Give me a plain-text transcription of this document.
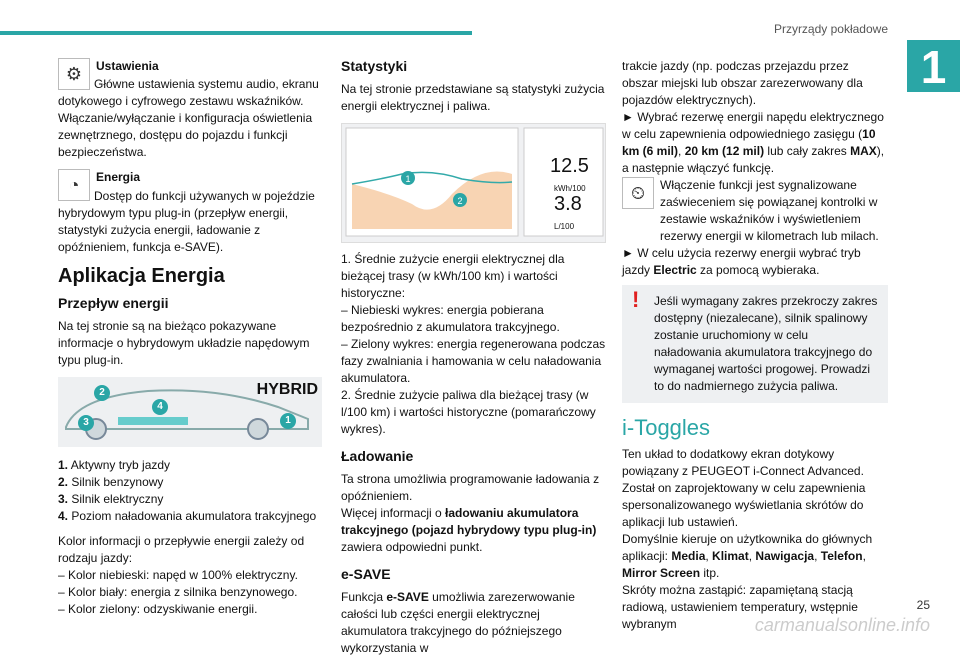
Przyrządy pokładowe
1
⚙	Ustawienia
Główne ustawienia systemu audio, ekranu dotykowego i cyfrowego zestawu wskaźników. Włączanie/wyłączanie i konfiguracja oświetlenia zewnętrznego, dostępu do pojazdu i funkcji bezpieczeństwa.
◔	Energia
Dostęp do funkcji używanych w pojeździe hybrydowym typu plug-in (przepływ energii, statystyki zużycia energii, ładowanie z opóźnieniem, funkcja e-SAVE).
Aplikacja Energia
Przepływ energii
Na tej stronie są na bieżąco pokazywane informacje o hybrydowym układzie napędowym typu plug-in.
HYBRID
2
3
4
1
1. Aktywny tryb jazdy
2. Silnik benzynowy
3. Silnik elektryczny
4. Poziom naładowania akumulatora trakcyjnego
Kolor informacji o przepływie energii zależy od rodzaju jazdy:
– Kolor niebieski: napęd w 100% elektryczny.
– Kolor biały: energia z silnika benzynowego.
– Kolor zielony: odzyskiwanie energii.
Statystyki
Na tej stronie przedstawiane są statystyki zużycia energii elektrycznej i paliwa.
1
2
12.5
kWh/100
3.8
L/100
1. Średnie zużycie energii elektrycznej dla bieżącej trasy (w kWh/100 km) i wartości historyczne:
– Niebieski wykres: energia pobierana bezpośrednio z akumulatora trakcyjnego.
– Zielony wykres: energia regenerowana podczas fazy zwalniania i hamowania w celu naładowania akumulatora.
2. Średnie zużycie paliwa dla bieżącej trasy (w l/100 km) i wartości historyczne (pomarańczowy wykres).
Ładowanie
Ta strona umożliwia programowanie ładowania z opóźnieniem.
Więcej informacji o ładowaniu akumulatora trakcyjnego (pojazd hybrydowy typu plug-in) zawiera odpowiedni punkt.
e-SAVE
Funkcja e-SAVE umożliwia zarezerwowanie całości lub części energii elektrycznej akumulatora trakcyjnego do późniejszego wykorzystania w
trakcie jazdy (np. podczas przejazdu przez obszar miejski lub obszar zarezerwowany dla pojazdów elektrycznych).
► Wybrać rezerwę energii napędu elektrycznego w celu zapewnienia odpowiedniego zasięgu (10 km (6 mil), 20 km (12 mil) lub cały zakres MAX), a następnie włączyć funkcję.
⏲	Włączenie funkcji jest sygnalizowane zaświeceniem się powiązanej kontrolki w zestawie wskaźników i wyświetleniem rezerwy energii w kilometrach lub milach.
► W celu użycia rezerwy energii wybrać tryb jazdy Electric za pomocą wybieraka.
!	Jeśli wymagany zakres przekroczy zakres dostępny (niezalecane), silnik spalinowy zostanie uruchomiony w celu naładowania akumulatora trakcyjnego do wymaganej wartości progowej. Prowadzi to do nadmiernego zużycia paliwa.
i-Toggles
Ten układ to dodatkowy ekran dotykowy powiązany z PEUGEOT i-Connect Advanced.
Został on zaprojektowany w celu zapewnienia spersonalizowanego wyświetlania skrótów do aplikacji lub ustawień.
Domyślnie kieruje on użytkownika do głównych aplikacji: Media, Klimat, Nawigacja, Telefon, Mirror Screen itp.
Skróty można zastąpić: zapamiętaną stacją radiową, ustawieniem temperatury, wstępnie wybranym	carmanualsonline.info
25
